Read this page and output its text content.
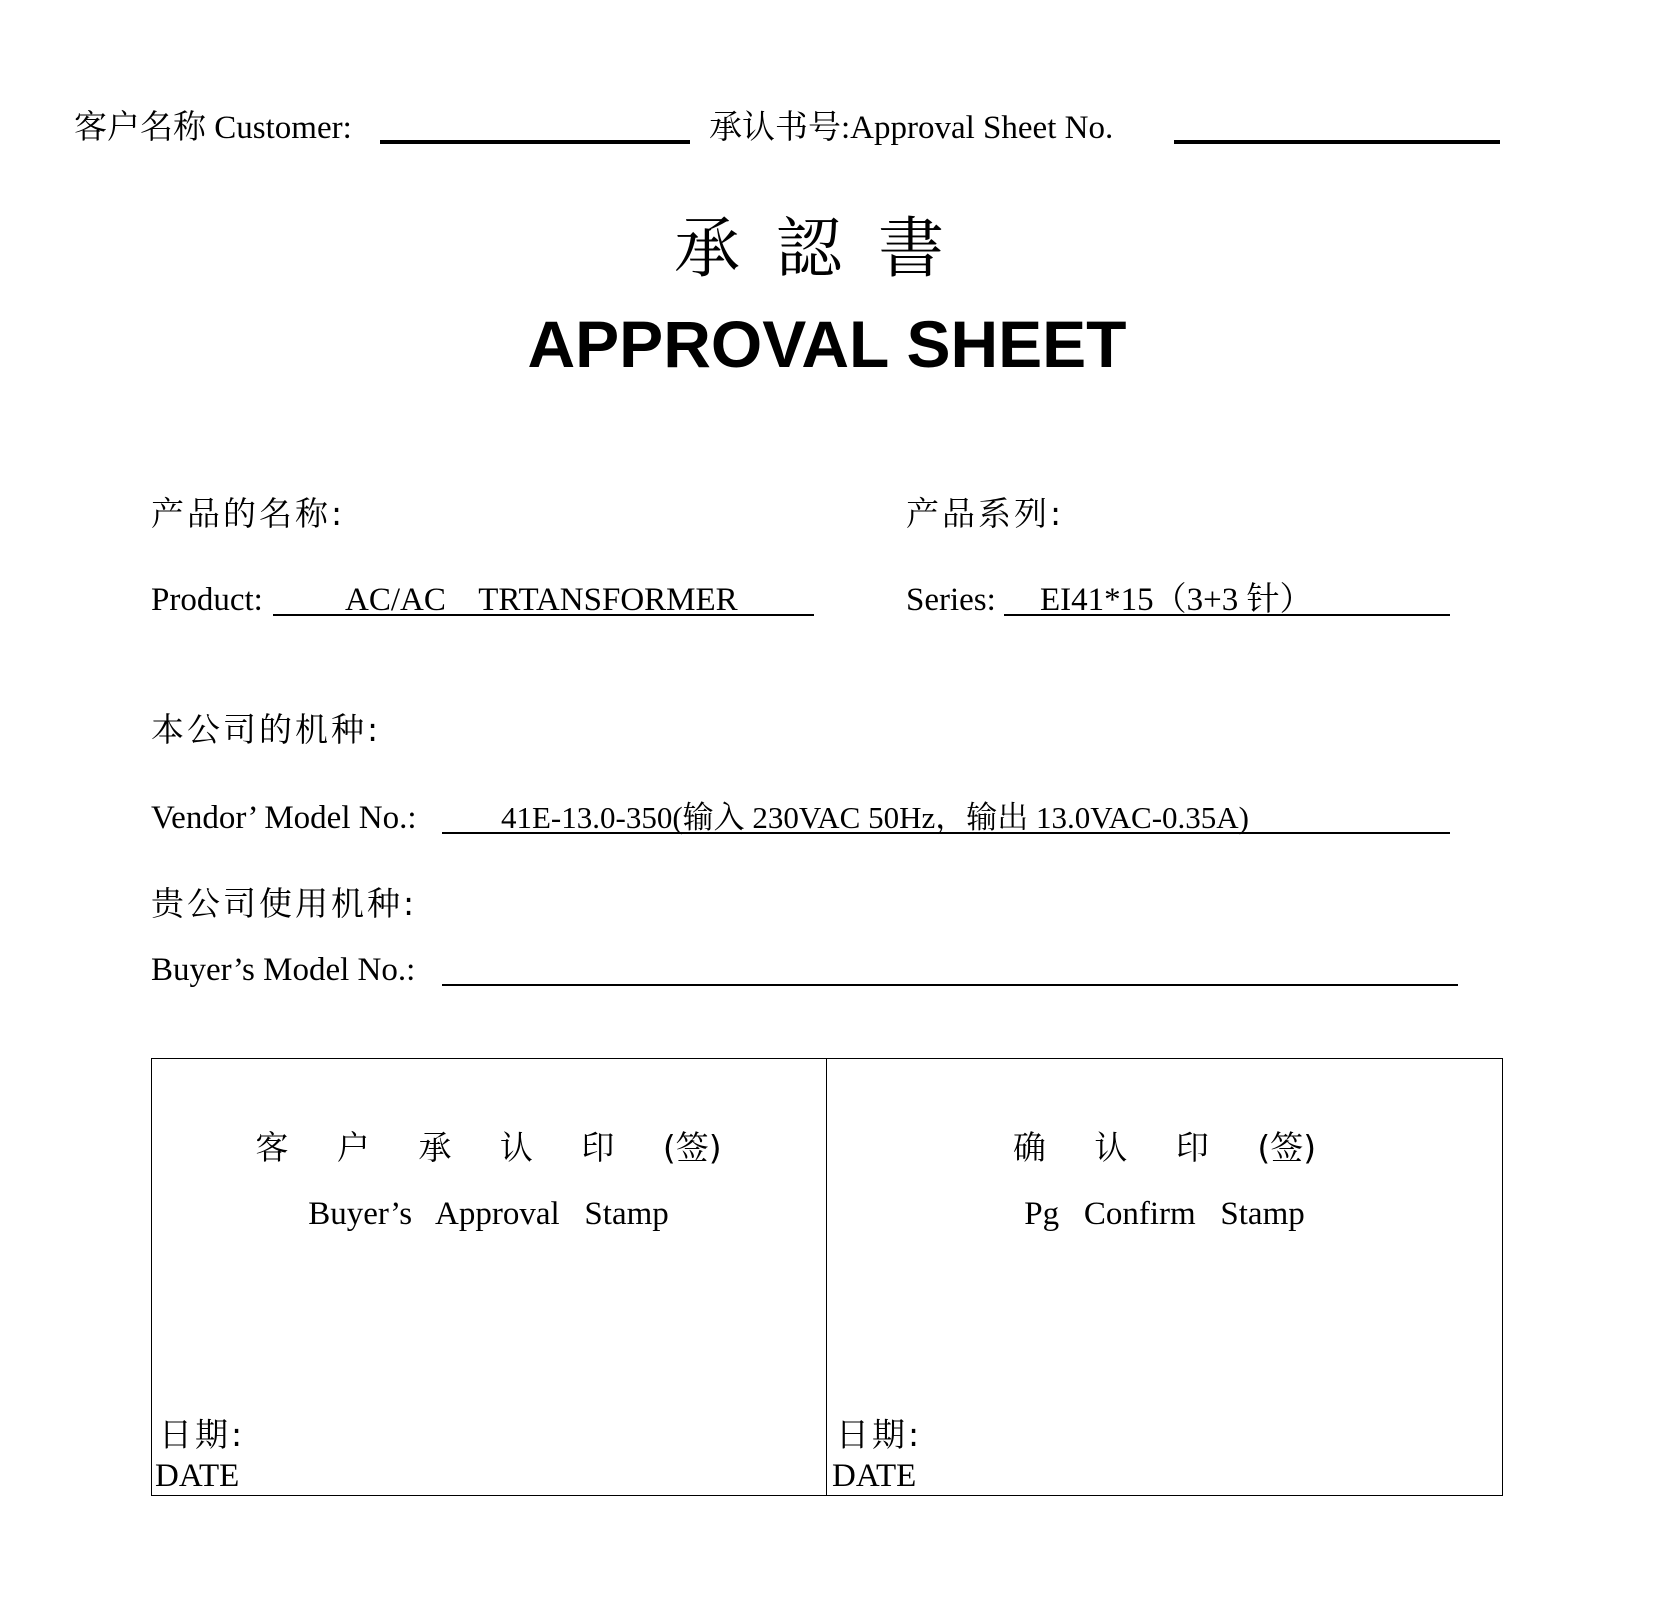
客户名称 Customer:	承认书号:Approval Sheet No.
承認書
APPROVAL SHEET
产品的名称:
Product: AC/AC    TRTANSFORMER
产品系列:
Series: EI41*15（3+3 针）
本公司的机种:
Vendor’ Model No.:	41E-13.0-350(输入 230VAC 50Hz，输出 13.0VAC-0.35A)
贵公司使用机种:
Buyer’s Model No.:
客 户 承 认 印 (签)
Buyer’s   Approval   Stamp
日期:
DATE
确 认 印 (签)
Pg   Confirm   Stamp
日期:
DATE
